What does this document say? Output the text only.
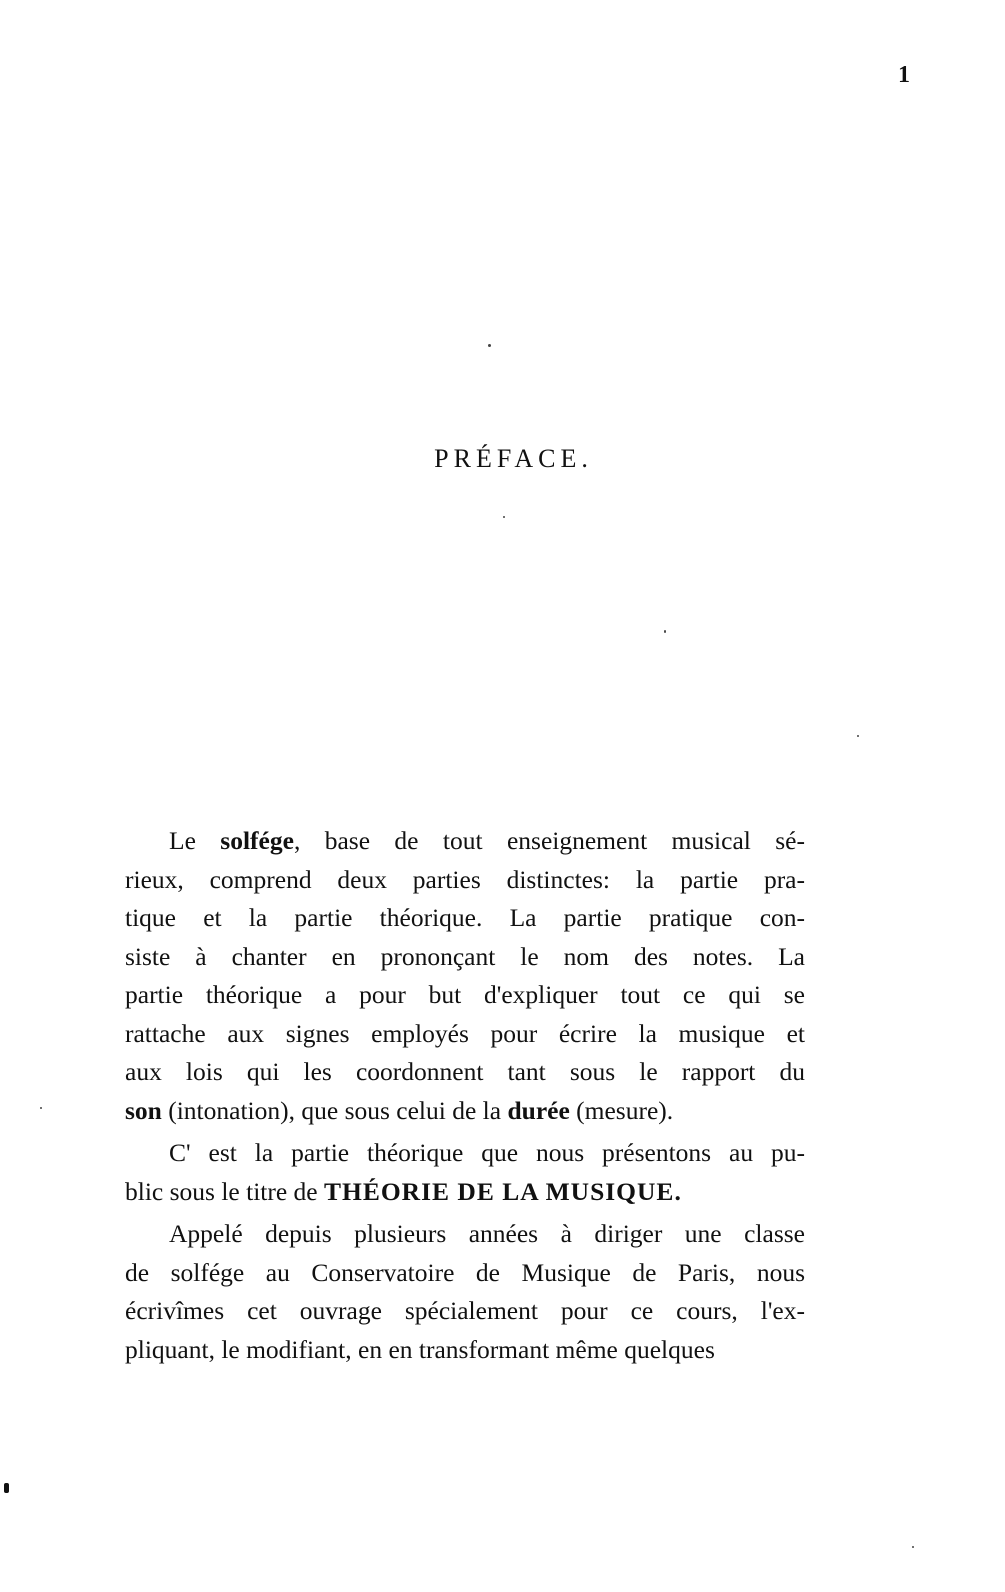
1
PRÉFACE.
Le solfége, base de tout enseignement musical sé-
rieux, comprend deux parties distinctes: la partie pra-
tique et la partie théorique. La partie pratique con-
siste à chanter en prononçant le nom des notes. La
partie théorique a pour but d'expliquer tout ce qui se
rattache aux signes employés pour écrire la musique et
aux lois qui les coordonnent tant sous le rapport du
son (intonation), que sous celui de la durée (mesure).
C' est la partie théorique que nous présentons au pu-
blic sous le titre de THÉORIE DE LA MUSIQUE.
Appelé depuis plusieurs années à diriger une classe
de solfége au Conservatoire de Musique de Paris, nous
écrivîmes cet ouvrage spécialement pour ce cours, l'ex-
pliquant, le modifiant, en en transformant même quelques
